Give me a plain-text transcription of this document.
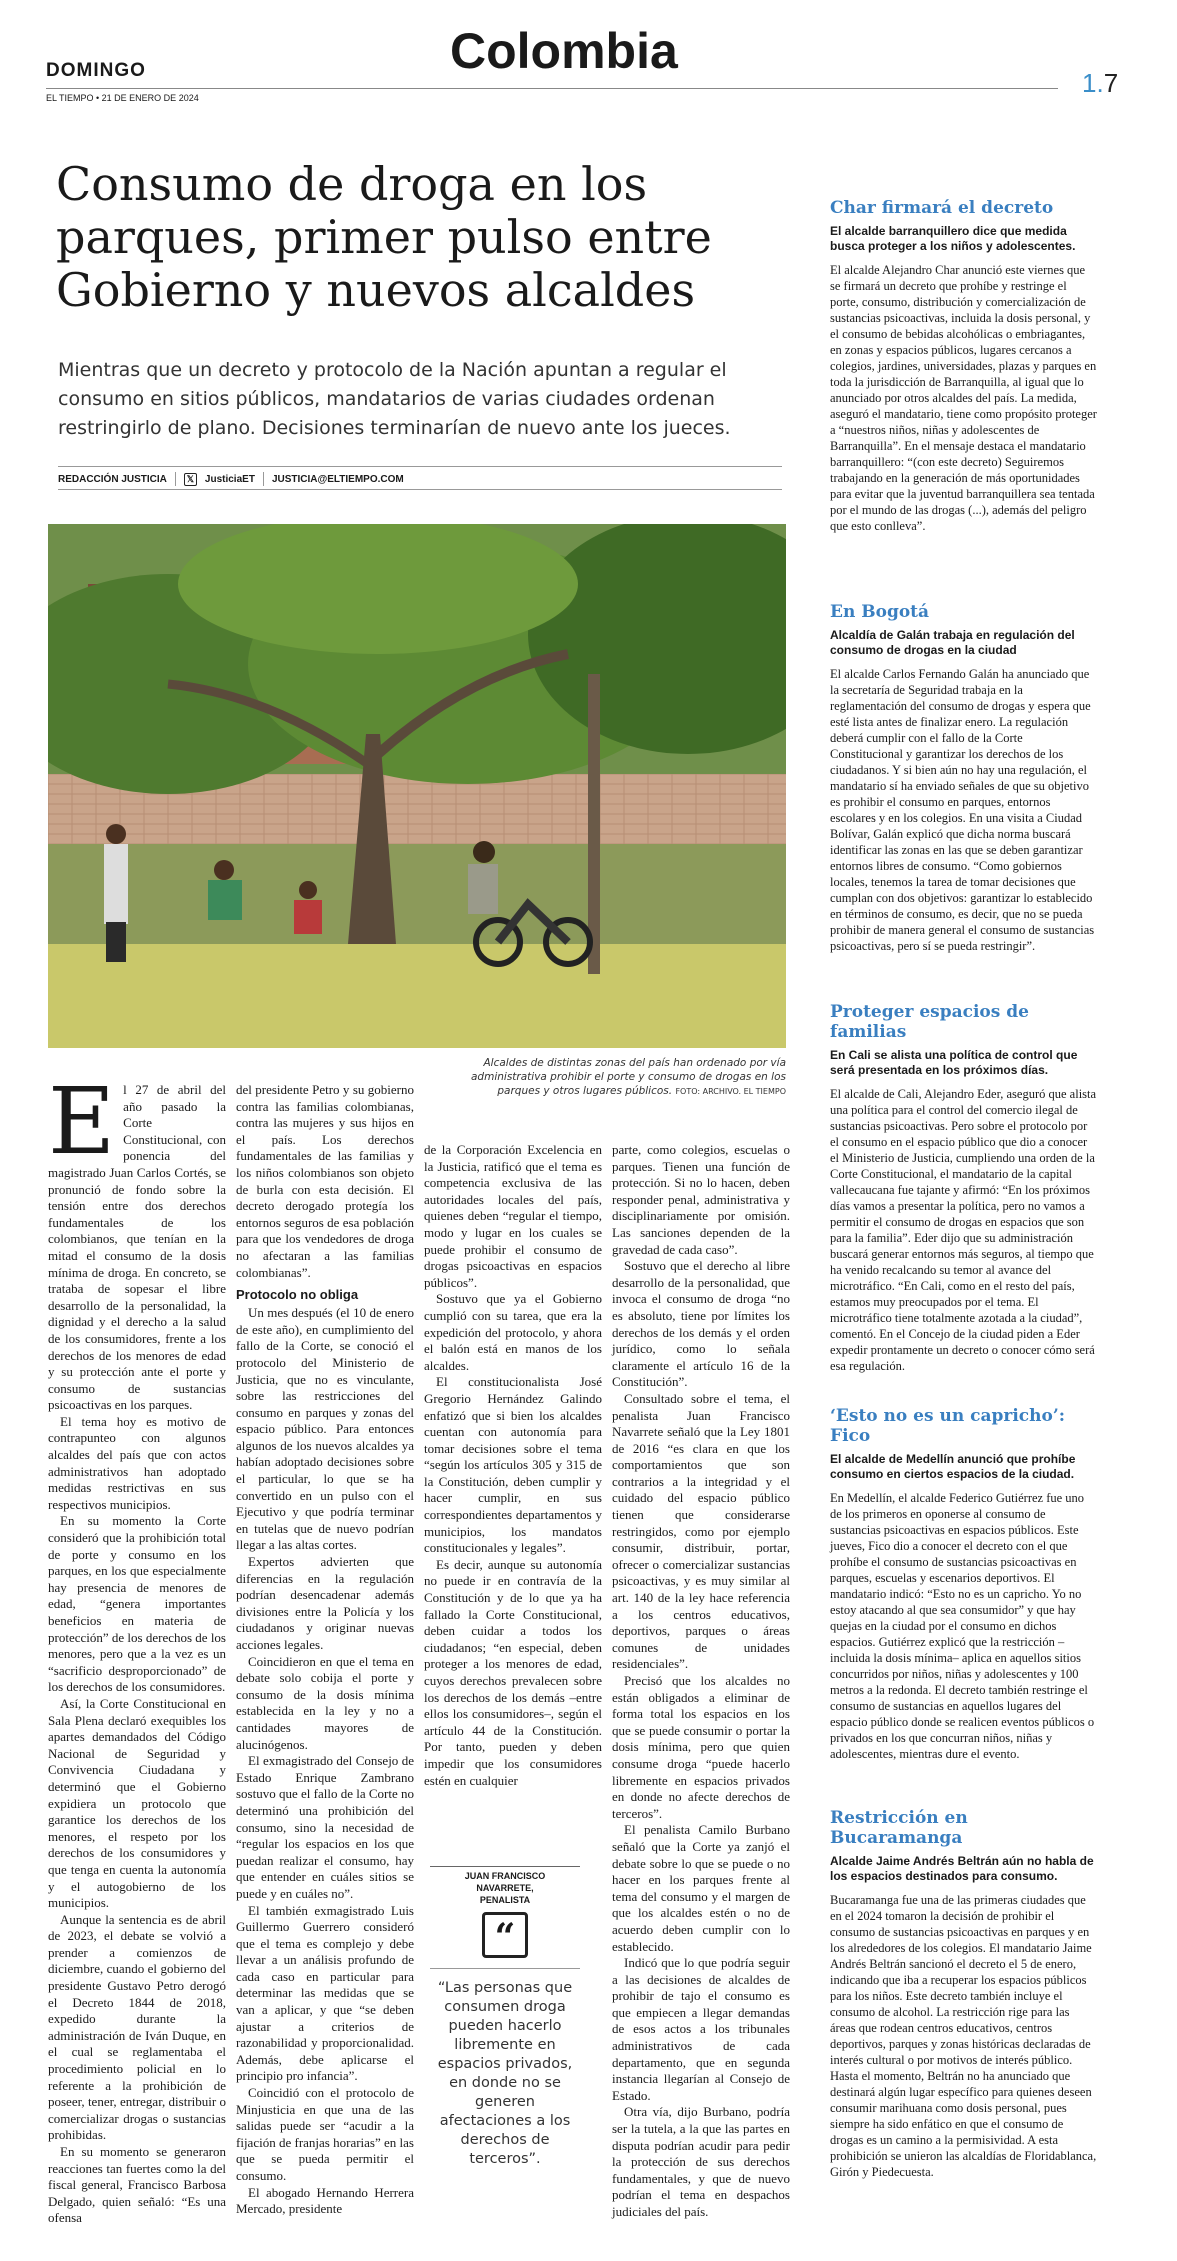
DOMINGO	Colombia
EL TIEMPO • 21 DE ENERO DE 2024	1.7
Consumo de droga en los parques, primer pulso entre Gobierno y nuevos alcaldes
Mientras que un decreto y protocolo de la Nación apuntan a regular el consumo en sitios públicos, mandatarios de varias ciudades ordenan restringirlo de plano. Decisiones terminarían de nuevo ante los jueces.
REDACCIÓN JUSTICIA	𝕏 JusticiaET JUSTICIA@ELTIEMPO.COM
Alcaldes de distintas zonas del país han ordenado por vía administrativa prohibir el porte y consumo de drogas en los parques y otros lugares públicos. FOTO: ARCHIVO. EL TIEMPO

El 27 de abril del año pasado la Corte Constitucional, con ponencia del magistrado Juan Carlos Cortés, se pronunció de fondo sobre la tensión entre dos derechos fundamentales de los colombianos, que tenían en la mitad el consumo de la dosis mínima de droga. En concreto, se trataba de sopesar el libre desarrollo de la personalidad, la dignidad y el derecho a la salud de los consumidores, frente a los derechos de los menores de edad y su protección ante el porte y consumo de sustancias psicoactivas en los parques.

El tema hoy es motivo de contrapunteo con algunos alcaldes del país que con actos administrativos han adoptado medidas restrictivas en sus respectivos municipios.

En su momento la Corte consideró que la prohibición total de porte y consumo en los parques, en los que especialmente hay presencia de menores de edad, “genera importantes beneficios en materia de protección” de los derechos de los menores, pero que a la vez es un “sacrificio desproporcionado” de los derechos de los consumidores.

Así, la Corte Constitucional en Sala Plena declaró exequibles los apartes demandados del Código Nacional de Seguridad y Convivencia Ciudadana y determinó que el Gobierno expidiera un protocolo que garantice los derechos de los menores, el respeto por los derechos de los consumidores y que tenga en cuenta la autonomía y el autogobierno de los municipios.

Aunque la sentencia es de abril de 2023, el debate se volvió a prender a comienzos de diciembre, cuando el gobierno del presidente Gustavo Petro derogó el Decreto 1844 de 2018, expedido durante la administración de Iván Duque, en el cual se reglamentaba el procedimiento policial en lo referente a la prohibición de poseer, tener, entregar, distribuir o comercializar drogas o sustancias prohibidas.

En su momento se generaron reacciones tan fuertes como la del fiscal general, Francisco Barbosa Delgado, quien señaló: “Es una ofensa

del presidente Petro y su gobierno contra las familias colombianas, contra las mujeres y sus hijos en el país. Los derechos fundamentales de las familias y los niños colombianos son objeto de burla con esta decisión. El decreto derogado protegía los entornos seguros de esa población para que los vendedores de droga no afectaran a las familias colombianas”.

Protocolo no obliga

Un mes después (el 10 de enero de este año), en cumplimiento del fallo de la Corte, se conoció el protocolo del Ministerio de Justicia, que no es vinculante, sobre las restricciones del consumo en parques y zonas del espacio público. Para entonces algunos de los nuevos alcaldes ya habían adoptado decisiones sobre el particular, lo que se ha convertido en un pulso con el Ejecutivo y que podría terminar en tutelas que de nuevo podrían llegar a las altas cortes.

Expertos advierten que diferencias en la regulación podrían desencadenar además divisiones entre la Policía y los ciudadanos y originar nuevas acciones legales.

Coincidieron en que el tema en debate solo cobija el porte y consumo de la dosis mínima establecida en la ley y no a cantidades mayores de alucinógenos.

El exmagistrado del Consejo de Estado Enrique Zambrano sostuvo que el fallo de la Corte no determinó una prohibición del consumo, sino la necesidad de “regular los espacios en los que puedan realizar el consumo, hay que entender en cuáles sitios se puede y en cuáles no”.

El también exmagistrado Luis Guillermo Guerrero consideró que el tema es complejo y debe llevar a un análisis profundo de cada caso en particular para determinar las medidas que se van a aplicar, y que “se deben ajustar a criterios de razonabilidad y proporcionalidad. Además, debe aplicarse el principio pro infancia”.

Coincidió con el protocolo de Minjusticia en que una de las salidas puede ser “acudir a la fijación de franjas horarias” en las que se pueda permitir el consumo.

El abogado Hernando Herrera Mercado, presidente

de la Corporación Excelencia en la Justicia, ratificó que el tema es competencia exclusiva de las autoridades locales del país, quienes deben “regular el tiempo, modo y lugar en los cuales se puede prohibir el consumo de drogas psicoactivas en espacios públicos”.

Sostuvo que ya el Gobierno cumplió con su tarea, que era la expedición del protocolo, y ahora el balón está en manos de los alcaldes.

El constitucionalista José Gregorio Hernández Galindo enfatizó que si bien los alcaldes cuentan con autonomía para tomar decisiones sobre el tema “según los artículos 305 y 315 de la Constitución, deben cumplir y hacer cumplir, en sus correspondientes departamentos y municipios, los mandatos constitucionales y legales”.

Es decir, aunque su autonomía no puede ir en contravía de la Constitución y de lo que ya ha fallado la Corte Constitucional, deben cuidar a todos los ciudadanos; “en especial, deben proteger a los menores de edad, cuyos derechos prevalecen sobre los derechos de los demás –entre ellos los consumidores–, según el artículo 44 de la Constitución. Por tanto, pueden y deben impedir que los consumidores estén en cualquier

JUAN FRANCISCO
NAVARRETE,
PENALISTA
“
“Las personas que consumen droga pueden hacerlo libremente en espacios privados, en donde no se generen afectaciones a los derechos de terceros”.

parte, como colegios, escuelas o parques. Tienen una función de protección. Si no lo hacen, deben responder penal, administrativa y disciplinariamente por omisión. Las sanciones dependen de la gravedad de cada caso”.

Sostuvo que el derecho al libre desarrollo de la personalidad, que invoca el consumo de droga “no es absoluto, tiene por límites los derechos de los demás y el orden jurídico, como lo señala claramente el artículo 16 de la Constitución”.

Consultado sobre el tema, el penalista Juan Francisco Navarrete señaló que la Ley 1801 de 2016 “es clara en que los comportamientos que son contrarios a la integridad y el cuidado del espacio público tienen que considerarse restringidos, como por ejemplo consumir, distribuir, portar, ofrecer o comercializar sustancias psicoactivas, y es muy similar al art. 140 de la ley hace referencia a los centros educativos, deportivos, parques o áreas comunes de unidades residenciales”.

Precisó que los alcaldes no están obligados a eliminar de forma total los espacios en los que se puede consumir o portar la dosis mínima, pero que quien consume droga “puede hacerlo libremente en espacios privados en donde no afecte derechos de terceros”.

El penalista Camilo Burbano señaló que la Corte ya zanjó el debate sobre lo que se puede o no hacer en los parques frente al tema del consumo y el margen de que los alcaldes estén o no de acuerdo deben cumplir con lo establecido.

Indicó que lo que podría seguir a las decisiones de alcaldes de prohibir de tajo el consumo es que empiecen a llegar demandas de esos actos a los tribunales administrativos de cada departamento, que en segunda instancia llegarían al Consejo de Estado.

Otra vía, dijo Burbano, podría ser la tutela, a la que las partes en disputa podrían acudir para pedir la protección de sus derechos fundamentales, y que de nuevo podrían el tema en despachos judiciales del país.

Char firmará el decreto
El alcalde barranquillero dice que medida busca proteger a los niños y adolescentes.

El alcalde Alejandro Char anunció este viernes que se firmará un decreto que prohíbe y restringe el porte, consumo, distribución y comercialización de sustancias psicoactivas, incluida la dosis personal, y el consumo de bebidas alcohólicas o embriagantes, en zonas y espacios públicos, lugares cercanos a colegios, jardines, universidades, plazas y parques en toda la jurisdicción de Barranquilla, al igual que lo anunciado por otros alcaldes del país. La medida, aseguró el mandatario, tiene como propósito proteger a “nuestros niños, niñas y adolescentes de Barranquilla”. En el mensaje destaca el mandatario barranquillero: “(con este decreto) Seguiremos trabajando en la generación de más oportunidades para evitar que la juventud barranquillera sea tentada por el mundo de las drogas (...), además del peligro que esto conlleva”.

En Bogotá
Alcaldía de Galán trabaja en regulación del consumo de drogas en la ciudad

El alcalde Carlos Fernando Galán ha anunciado que la secretaría de Seguridad trabaja en la reglamentación del consumo de drogas y espera que esté lista antes de finalizar enero. La regulación deberá cumplir con el fallo de la Corte Constitucional y garantizar los derechos de los ciudadanos. Y si bien aún no hay una regulación, el mandatario sí ha enviado señales de que su objetivo es prohibir el consumo en parques, entornos escolares y en los colegios. En una visita a Ciudad Bolívar, Galán explicó que dicha norma buscará identificar las zonas en las que se deben garantizar entornos libres de consumo. “Como gobiernos locales, tenemos la tarea de tomar decisiones que cumplan con dos objetivos: garantizar lo establecido en términos de consumo, es decir, que no se pueda prohibir de manera general el consumo de sustancias psicoactivas, pero sí se pueda restringir”.

Proteger espacios de familias
En Cali se alista una política de control que será presentada en los próximos días.

El alcalde de Cali, Alejandro Eder, aseguró que alista una política para el control del comercio ilegal de sustancias psicoactivas. Pero sobre el protocolo por el consumo en el espacio público que dio a conocer el Ministerio de Justicia, cumpliendo una orden de la Corte Constitucional, el mandatario de la capital vallecaucana fue tajante y afirmó: “En los próximos días vamos a presentar la política, pero no vamos a permitir el consumo de drogas en espacios que son para la familia”. Eder dijo que su administración buscará generar entornos más seguros, al tiempo que ha venido recalcando su temor al avance del microtráfico. “En Cali, como en el resto del país, estamos muy preocupados por el tema. El microtráfico tiene totalmente azotada a la ciudad”, comentó. En el Concejo de la ciudad piden a Eder expedir prontamente un decreto o conocer cómo será esa regulación.

‘Esto no es un capricho’: Fico
El alcalde de Medellín anunció que prohíbe consumo en ciertos espacios de la ciudad.

En Medellín, el alcalde Federico Gutiérrez fue uno de los primeros en oponerse al consumo de sustancias psicoactivas en espacios públicos. Este jueves, Fico dio a conocer el decreto con el que prohíbe el consumo de sustancias psicoactivas en parques, escuelas y escenarios deportivos. El mandatario indicó: “Esto no es un capricho. Yo no estoy atacando al que sea consumidor” y que hay quejas en la ciudad por el consumo en dichos espacios. Gutiérrez explicó que la restricción –incluida la dosis mínima– aplica en aquellos sitios concurridos por niños, niñas y adolescentes y 100 metros a la redonda. El decreto también restringe el consumo de sustancias en aquellos lugares del espacio público donde se realicen eventos públicos o privados en los que concurran niños, niñas y adolescentes, mientras dure el evento.

Restricción en Bucaramanga
Alcalde Jaime Andrés Beltrán aún no habla de los espacios destinados para consumo.

Bucaramanga fue una de las primeras ciudades que en el 2024 tomaron la decisión de prohibir el consumo de sustancias psicoactivas en parques y en los alrededores de los colegios. El mandatario Jaime Andrés Beltrán sancionó el decreto el 5 de enero, indicando que iba a recuperar los espacios públicos para los niños. Este decreto también incluye el consumo de alcohol. La restricción rige para las áreas que rodean centros educativos, centros deportivos, parques y zonas históricas declaradas de interés cultural o por motivos de interés público. Hasta el momento, Beltrán no ha anunciado que destinará algún lugar específico para quienes deseen consumir marihuana como dosis personal, pues siempre ha sido enfático en que el consumo de drogas es un camino a la permisividad. A esta prohibición se unieron las alcaldías de Floridablanca, Girón y Piedecuesta.
